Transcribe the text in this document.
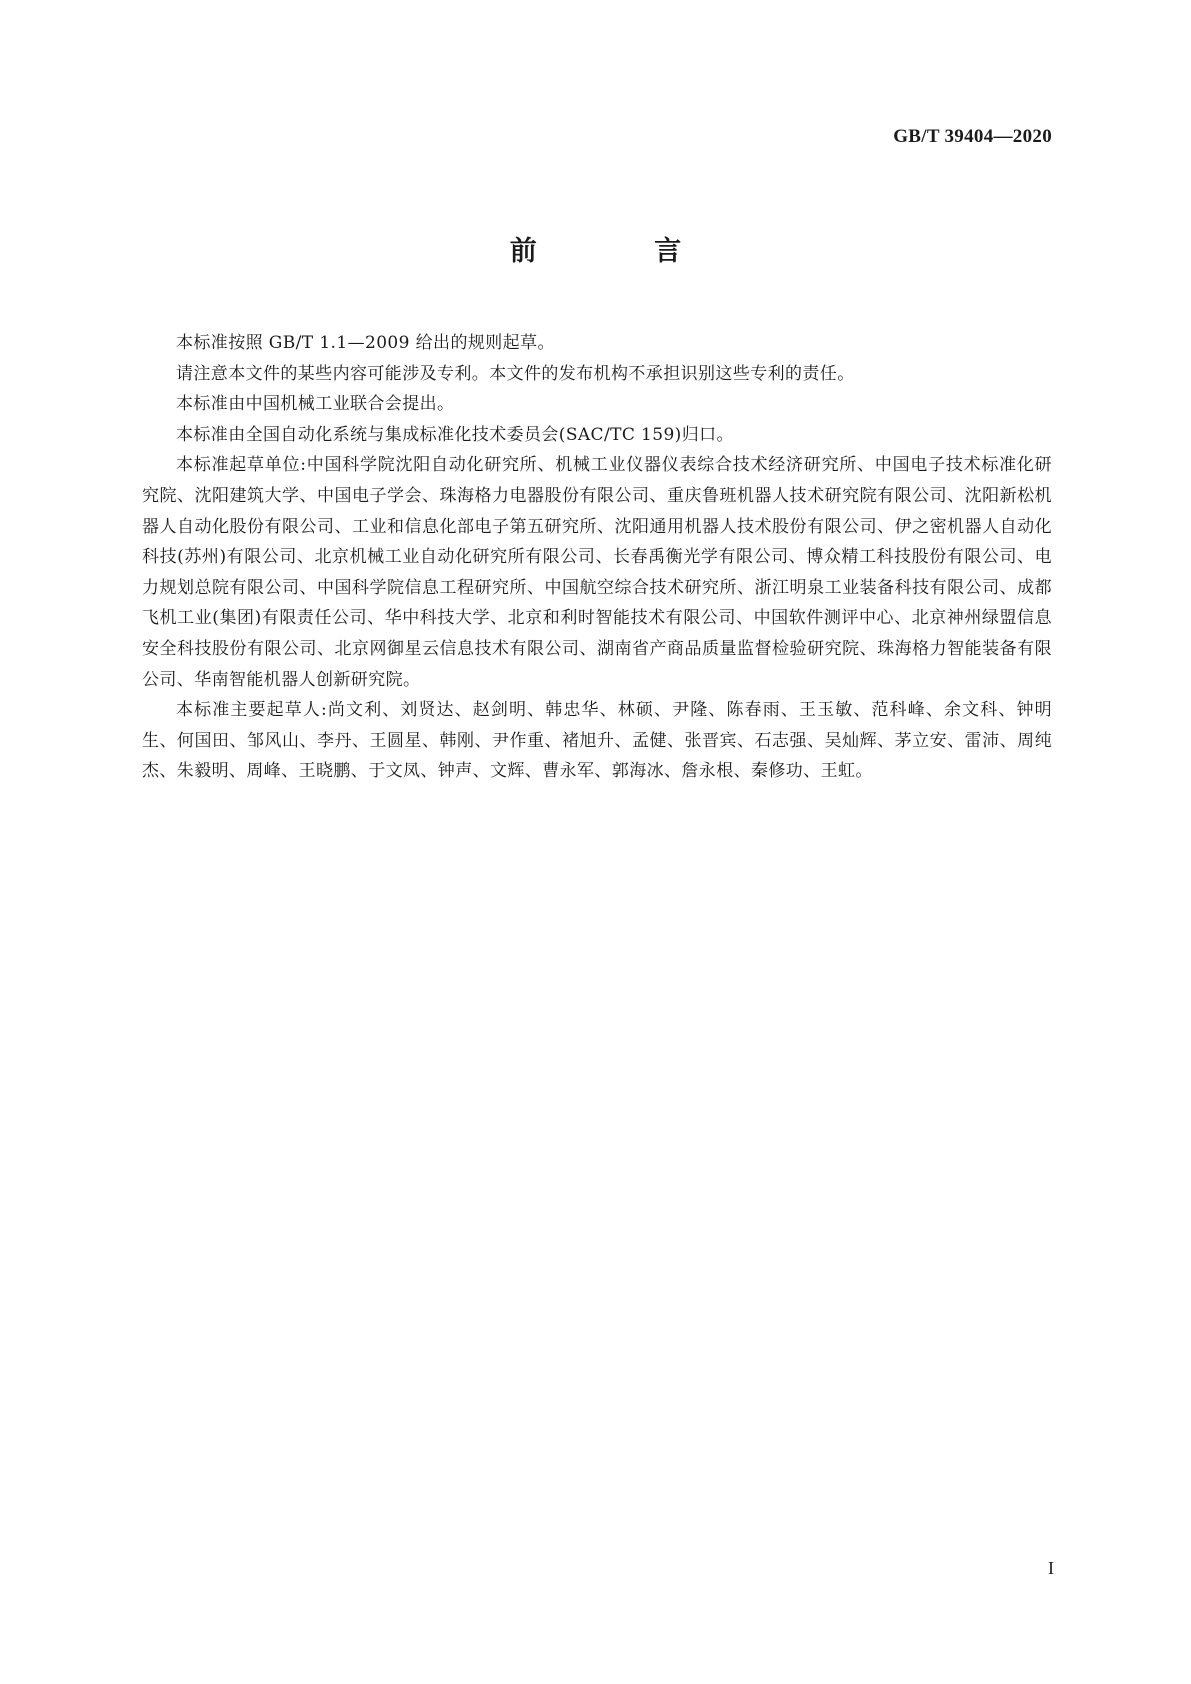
GB/T 39404—2020
前 言

本标准按照 GB/T 1.1—2009 给出的规则起草。

请注意本文件的某些内容可能涉及专利。本文件的发布机构不承担识别这些专利的责任。

本标准由中国机械工业联合会提出。

本标准由全国自动化系统与集成标准化技术委员会(SAC/TC 159)归口。

本标准起草单位:中国科学院沈阳自动化研究所、机械工业仪器仪表综合技术经济研究所、中国电子技术标准化研究院、沈阳建筑大学、中国电子学会、珠海格力电器股份有限公司、重庆鲁班机器人技术研究院有限公司、沈阳新松机器人自动化股份有限公司、工业和信息化部电子第五研究所、沈阳通用机器人技术股份有限公司、伊之密机器人自动化科技(苏州)有限公司、北京机械工业自动化研究所有限公司、长春禹衡光学有限公司、博众精工科技股份有限公司、电力规划总院有限公司、中国科学院信息工程研究所、中国航空综合技术研究所、浙江明泉工业装备科技有限公司、成都飞机工业(集团)有限责任公司、华中科技大学、北京和利时智能技术有限公司、中国软件测评中心、北京神州绿盟信息安全科技股份有限公司、北京网御星云信息技术有限公司、湖南省产商品质量监督检验研究院、珠海格力智能装备有限公司、华南智能机器人创新研究院。

本标准主要起草人:尚文利、刘贤达、赵剑明、韩忠华、林硕、尹隆、陈春雨、王玉敏、范科峰、余文科、钟明生、何国田、邹风山、李丹、王圆星、韩刚、尹作重、褚旭升、孟健、张晋宾、石志强、吴灿辉、茅立安、雷沛、周纯杰、朱毅明、周峰、王晓鹏、于文凤、钟声、文辉、曹永军、郭海冰、詹永根、秦修功、王虹。

I
